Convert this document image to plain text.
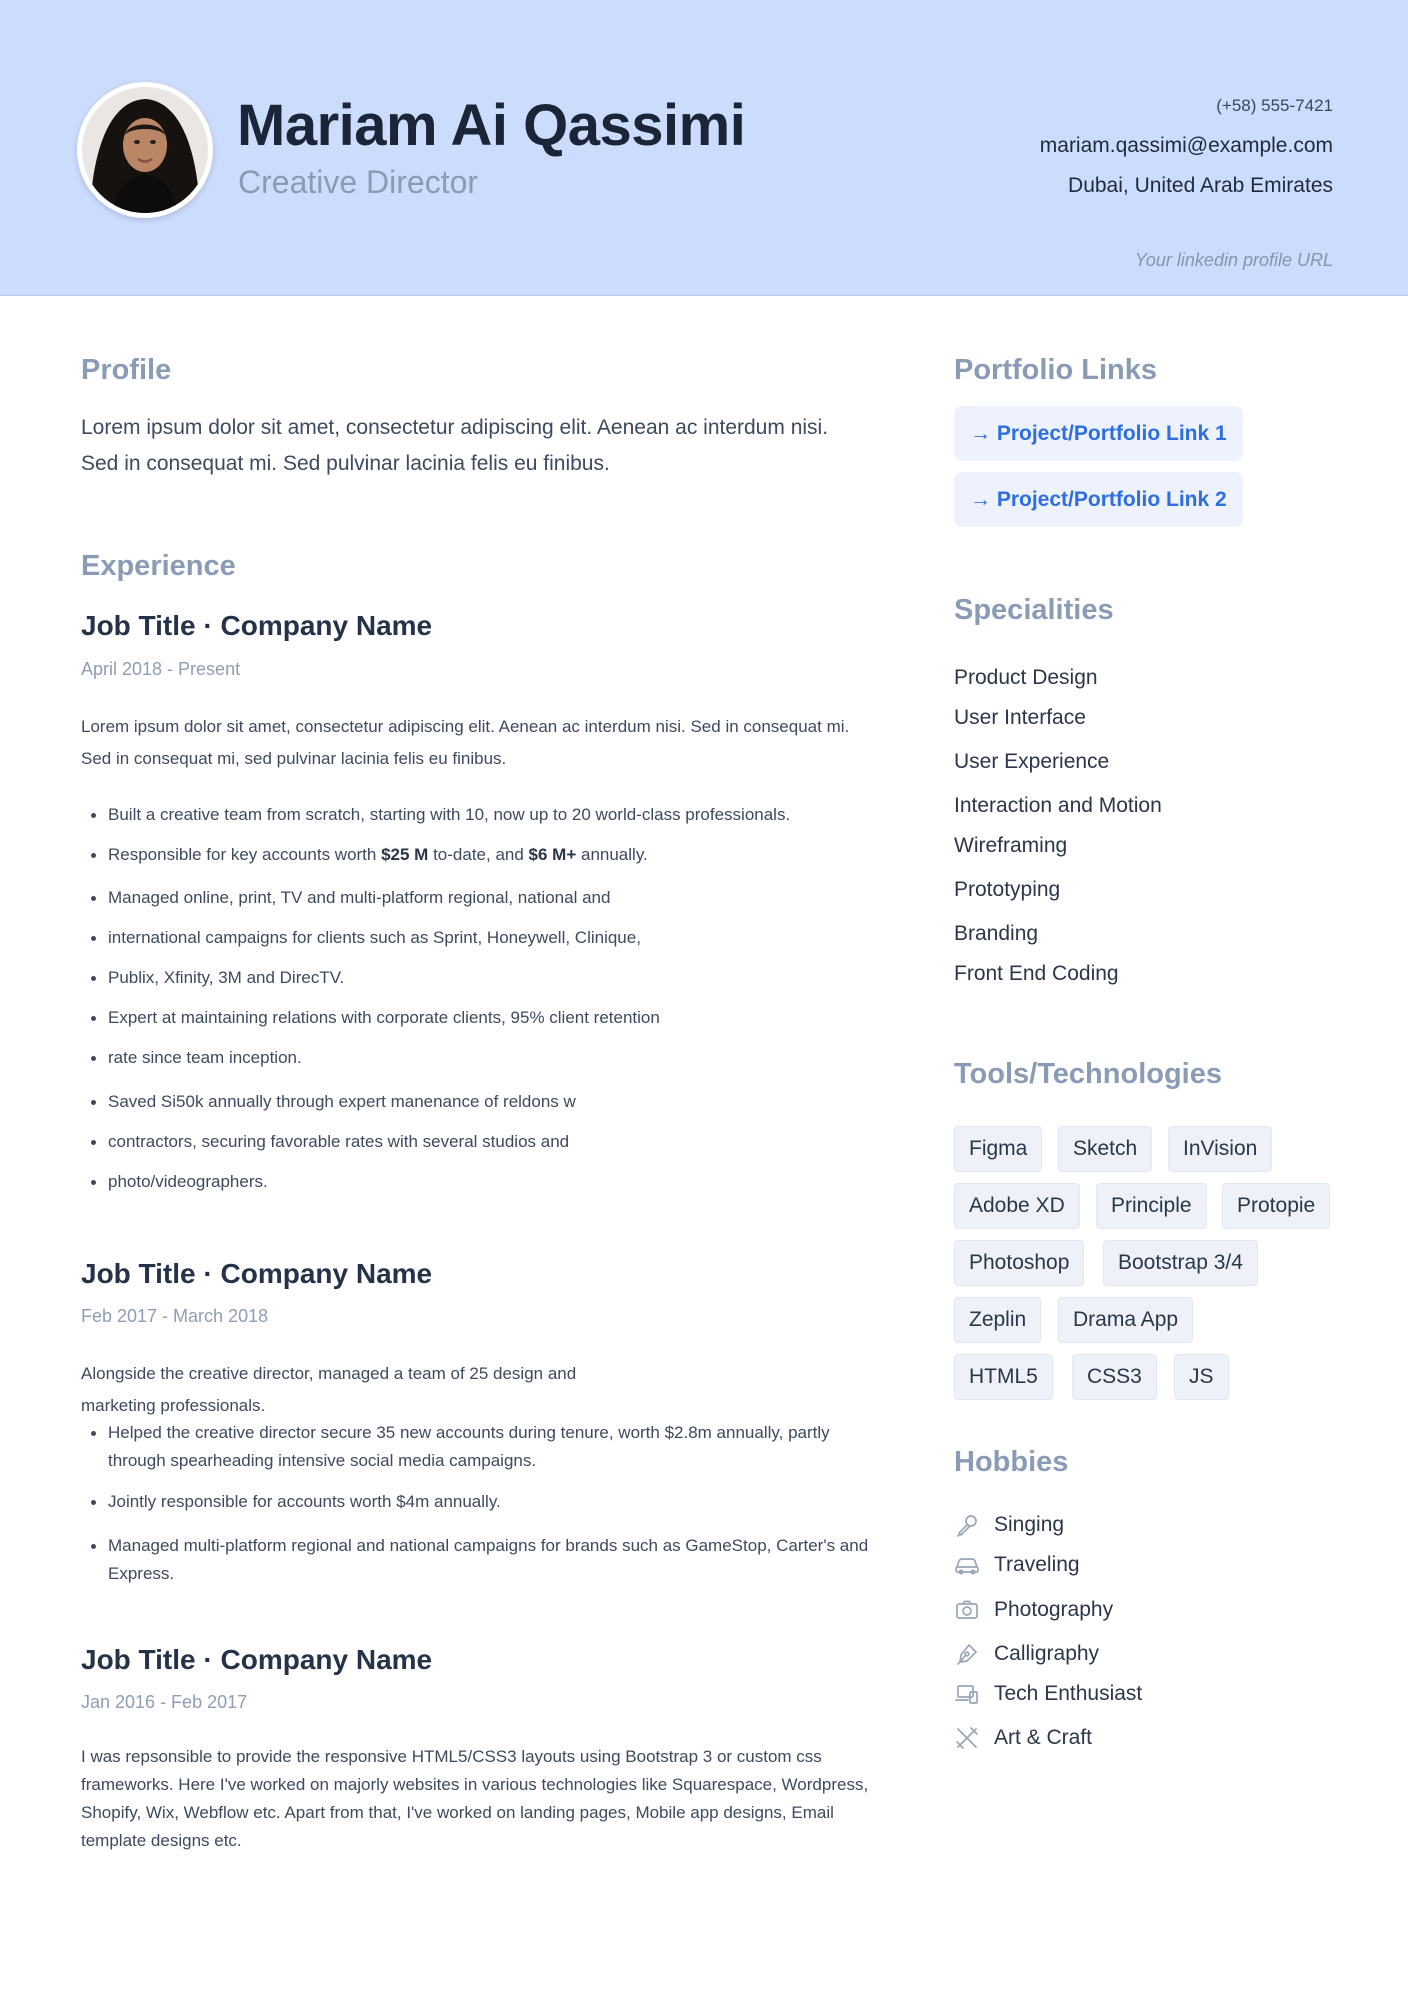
Mariam Ai Qassimi
Creative Director
(+58) 555-7421
mariam.qassimi@example.com
Dubai, United Arab Emirates
Your linkedin profile URL
Profile
Lorem ipsum dolor sit amet, consectetur adipiscing elit. Aenean ac interdum nisi. Sed in consequat mi. Sed pulvinar lacinia felis eu finibus.
Experience
Job Title · Company Name
April 2018 - Present
Lorem ipsum dolor sit amet, consectetur adipiscing elit. Aenean ac interdum nisi. Sed in consequat mi. Sed in consequat mi, sed pulvinar lacinia felis eu finibus.
Built a creative team from scratch, starting with 10, now up to 20 world-class professionals.
Responsible for key accounts worth $25 M to-date, and $6 M+ annually.
Managed online, print, TV and multi-platform regional, national and
international campaigns for clients such as Sprint, Honeywell, Clinique,
Publix, Xfinity, 3M and DirecTV.
Expert at maintaining relations with corporate clients, 95% client retention
rate since team inception.
Saved Si50k annually through expert manenance of reldons w
contractors, securing favorable rates with several studios and
photo/videographers.
Job Title · Company Name
Feb 2017 - March 2018
Alongside the creative director, managed a team of 25 design and
marketing professionals.
Helped the creative director secure 35 new accounts during tenure, worth $2.8m annually, partly through spearheading intensive social media campaigns.
Jointly responsible for accounts worth $4m annually.
Managed multi-platform regional and national campaigns for brands such as GameStop, Carter's and Express.
Job Title · Company Name
Jan 2016 - Feb 2017
I was repsonsible to provide the responsive HTML5/CSS3 layouts using Bootstrap 3 or custom css frameworks. Here I've worked on majorly websites in various technologies like Squarespace, Wordpress, Shopify, Wix, Webflow etc. Apart from that, I've worked on landing pages, Mobile app designs, Email template designs etc.
Portfolio Links
→ Project/Portfolio Link 1
→ Project/Portfolio Link 2
Specialities
Product Design
User Interface
User Experience
Interaction and Motion
Wireframing
Prototyping
Branding
Front End Coding
Tools/Technologies
Figma	Sketch	InVision
Adobe XD	Principle	Protopie
Photoshop	Bootstrap 3/4
Zeplin	Drama App
HTML5	CSS3	JS
Hobbies
Singing
Traveling
Photography
Calligraphy
Tech Enthusiast
Art & Craft
